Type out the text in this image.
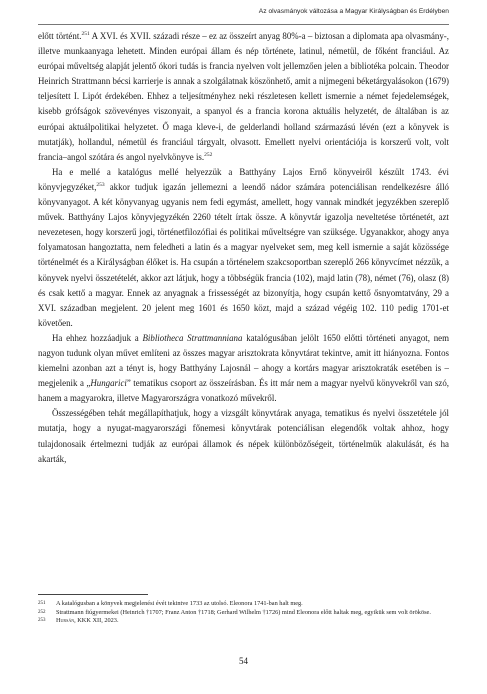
Az olvasmányok változása a Magyar Királyságban és Erdélyben

előtt történt.$^{251}$ A XVI. és XVII. századi része – ez az összeírt anyag 80%-a – biztosan a diplomata apa olvasmány-, illetve munkaanyaga lehetett. Minden európai állam és nép története, latinul, németül, de főként franciául. Az európai műveltség alapját jelentő ókori tudás is francia nyelven volt jellemzően jelen a bibliotéka polcain. Theodor Heinrich Strattmann bécsi karrierje is annak a szolgálatnak köszönhető, amit a nijmegeni béketárgyalásokon (1679) teljesített I. Lipót érdekében. Ehhez a teljesítményhez neki részletesen kellett ismernie a német fejedelemségek, kisebb grófságok szövevényes viszonyait, a spanyol és a francia korona aktuális helyzetét, de általában is az európai aktuálpolitikai helyzetet. Ő maga kleve-i, de gelderlandi holland származású lévén (ezt a könyvek is mutatják), hollandul, németül és franciául tárgyalt, olvasott. Emellett nyelvi orientációja is korszerű volt, volt francia–angol szótára és angol nyelvkönyve is.$^{252}$

Ha e mellé a katalógus mellé helyezzük a Batthyány Lajos Ernő könyveiről készült 1743. évi könyvjegyzéket,$^{253}$ akkor tudjuk igazán jellemezni a leendő nádor számára potenciálisan rendelkezésre álló könyvanyagot. A két könyvanyag ugyanis nem fedi egymást, amellett, hogy vannak mindkét jegyzékben szereplő művek. Batthyány Lajos könyvjegyzékén 2260 tételt írtak össze. A könyvtár igazolja neveltetése történetét, azt nevezetesen, hogy korszerű jogi, történetfilozófiai és politikai műveltségre van szüksége. Ugyanakkor, ahogy anya folyamatosan hangoztatta, nem feledheti a latin és a magyar nyelveket sem, meg kell ismernie a saját közössége történelmét és a Királyságban élőket is. Ha csupán a történelem szakcsoportban szereplő 266 könyvcímet nézzük, a könyvek nyelvi összetételét, akkor azt látjuk, hogy a többségük francia (102), majd latin (78), német (76), olasz (8) és csak kettő a magyar. Ennek az anyagnak a frissességét az bizonyítja, hogy csupán kettő ősnyomtatvány, 29 a XVI. században megjelent. 20 jelent meg 1601 és 1650 közt, majd a század végéig 102. 110 pedig 1701-et követően.

Ha ehhez hozzáadjuk a Bibliotheca Strattmanniana katalógusában jelölt 1650 előtti történeti anyagot, nem nagyon tudunk olyan művet említeni az összes magyar arisztokrata könyvtárat tekintve, amit itt hiányozna. Fontos kiemelni azonban azt a tényt is, hogy Batthyány Lajosnál – ahogy a kortárs magyar arisztokraták esetében is – megjelenik a „Hungarici” tematikus csoport az összeírásban. És itt már nem a magyar nyelvű könyvekről van szó, hanem a magyarokra, illetve Magyarországra vonatkozó művekről.

Összességében tehát megállapíthatjuk, hogy a vizsgált könyvtárak anyaga, tematikus és nyelvi összetétele jól mutatja, hogy a nyugat-magyarországi főnemesi könyvtárak potenciálisan elegendők voltak ahhoz, hogy tulajdonosaik értelmezni tudják az európai államok és népek különbözőségeit, történelmük alakulását, és ha akarták,

251	A katalógusban a könyvek megjelenési évét tekintve 1733 az utolsó. Eleonora 1741-ban halt meg.
252	Strattmann fiúgyermekei (Heinrich †1707; Franz Anton †1718; Gerhard Wilhelm †1726) mind Eleonora előtt haltak meg, egyikük sem volt örököse.
253	Hursán, KKK XII, 2023.
54
